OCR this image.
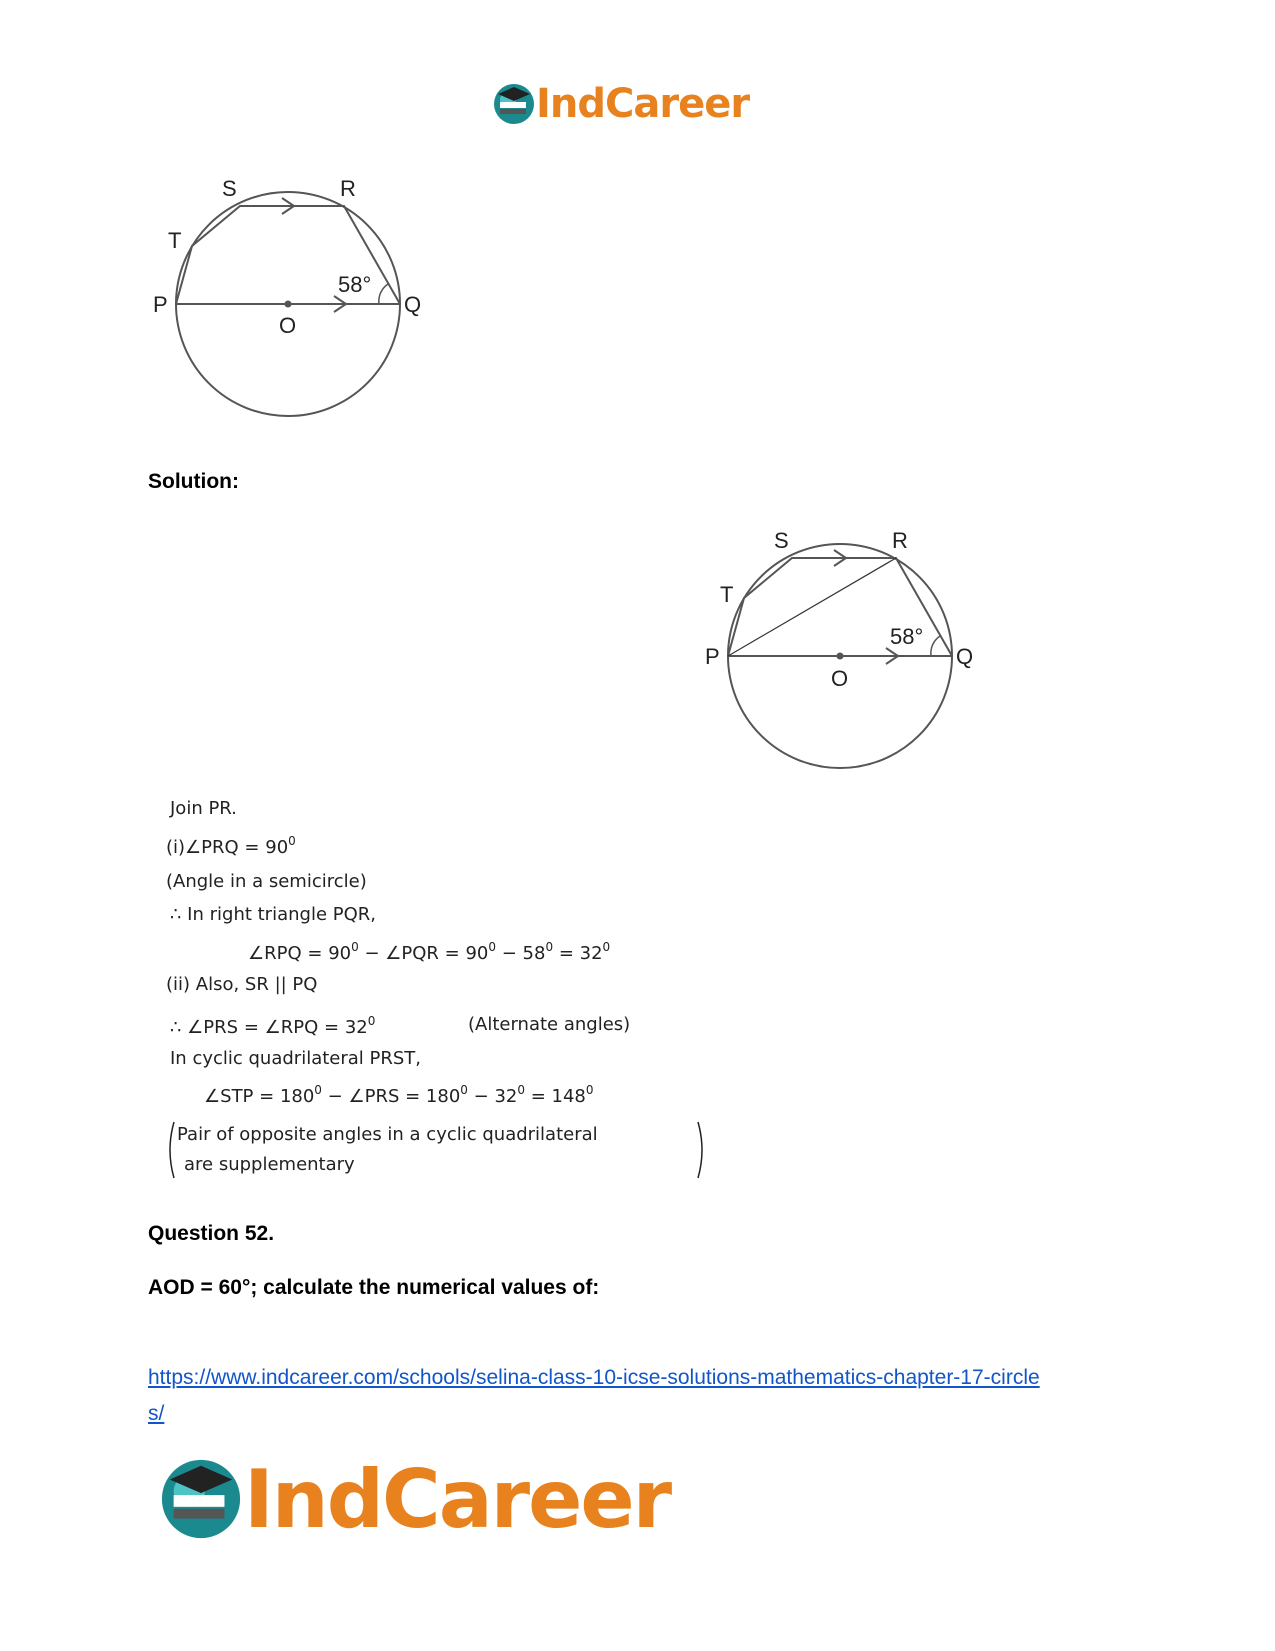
IndCareer
S	R
T
P	Q
O
58°
Solution:
S	R
T
P	Q
O
58°
Join PR.
(i)∠PRQ = $90^0$
(Angle in a semicircle)
∴ In right triangle PQR,
∠RPQ = $90^0$ − ∠PQR = $90^0 - 58^0 = 32^0$
(ii) Also, SR || PQ
∴ ∠PRS = ∠RPQ = $32^0$	(Alternate angles)
In cyclic quadrilateral PRST,
∠STP = $180^0$ − ∠PRS = $180^0 - 32^0 = 148^0$
Pair of opposite angles in a cyclic quadrilateral
are supplementary
Question 52.
AOD = 60°; calculate the numerical values of:
https://www.indcareer.com/schools/selina-class-10-icse-solutions-mathematics-chapter-17-circle
s/
IndCareer
